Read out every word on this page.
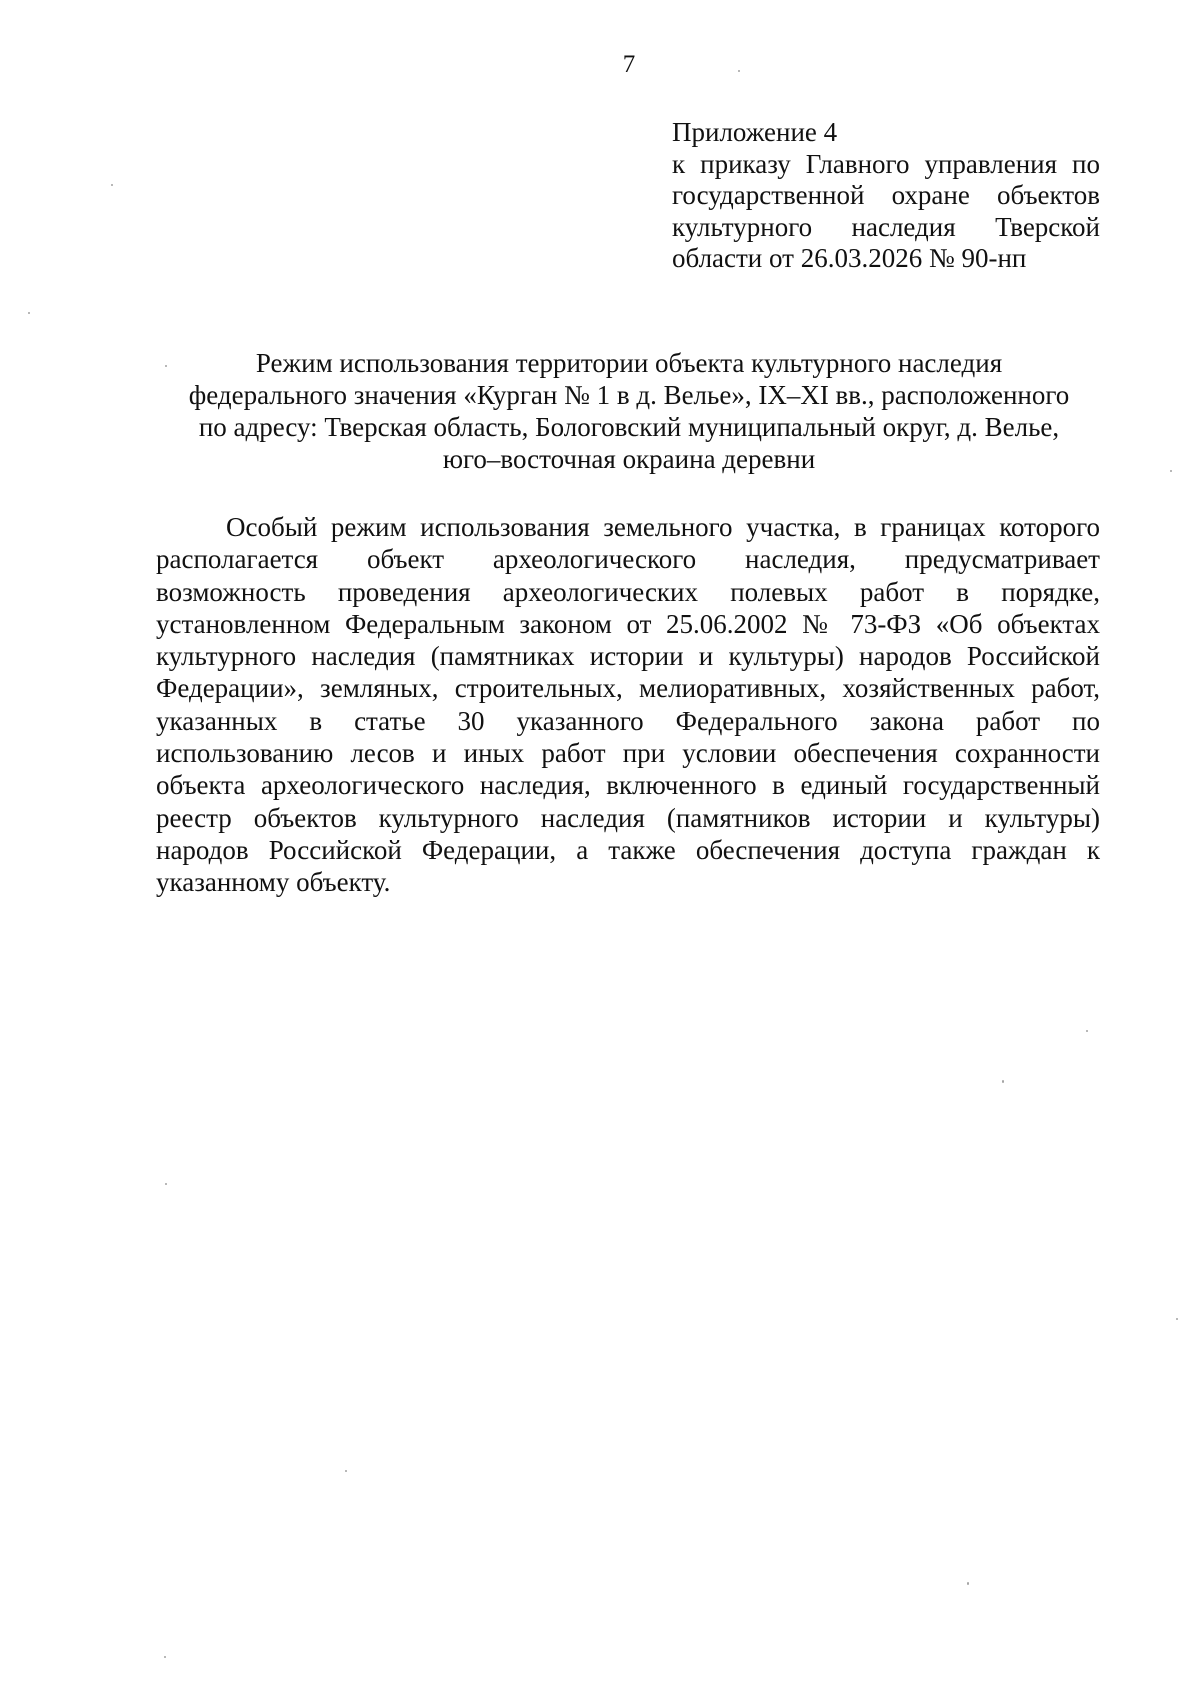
7
Приложение 4
к приказу Главного управления по государственной охране объектов культурного наследия Тверской области от 26.03.2026 № 90-нп
Режим использования территории объекта культурного наследия
федерального значения «Курган № 1 в д. Велье», IX–XI вв., расположенного
по адресу: Тверская область, Бологовский муниципальный округ, д. Велье,
юго–восточная окраина деревни
Особый режим использования земельного участка, в границах которого
располагается объект археологического наследия, предусматривает
возможность проведения археологических полевых работ в порядке,
установленном Федеральным законом от 25.06.2002 № 73-ФЗ «Об объектах
культурного наследия (памятниках истории и культуры) народов Российской
Федерации», земляных, строительных, мелиоративных, хозяйственных работ,
указанных в статье 30 указанного Федерального закона работ по
использованию лесов и иных работ при условии обеспечения сохранности
объекта археологического наследия, включенного в единый государственный
реестр объектов культурного наследия (памятников истории и культуры)
народов Российской Федерации, а также обеспечения доступа граждан к
указанному объекту.
